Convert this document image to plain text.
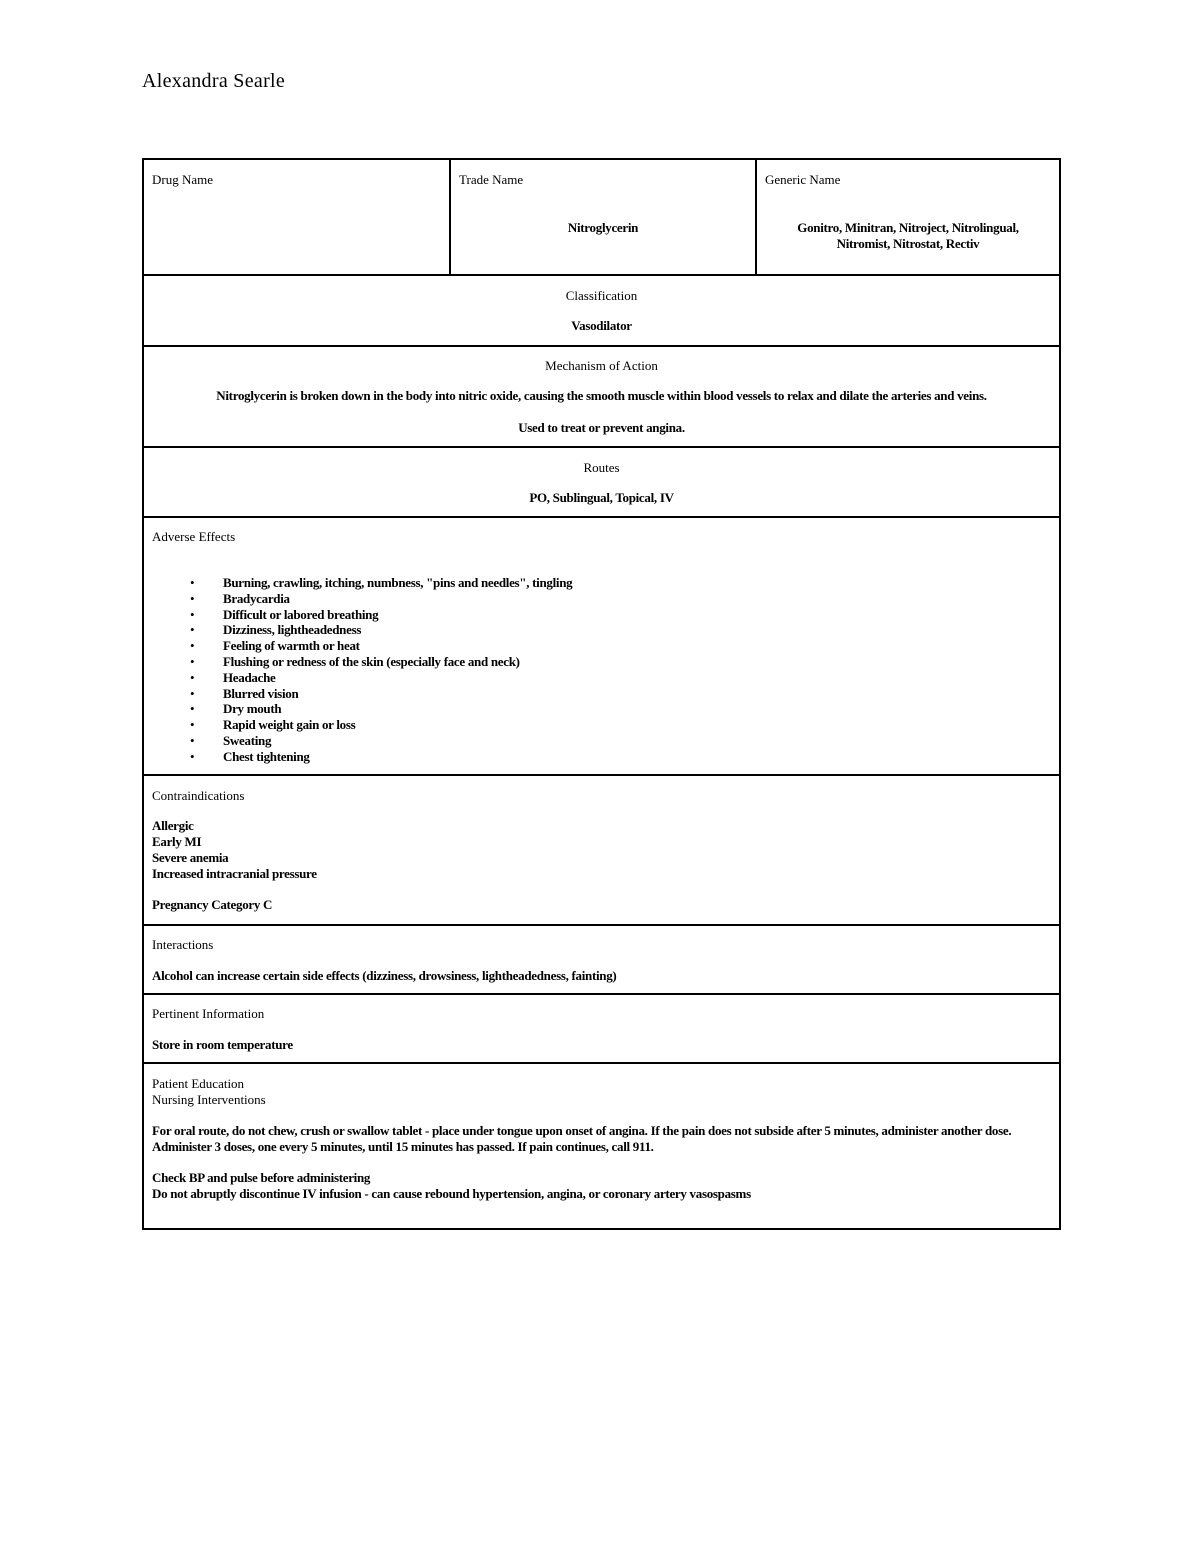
Alexandra Searle
Drug Name	Trade Name
Nitroglycerin
Generic Name
Gonitro, Minitran, Nitroject, Nitrolingual,
Nitromist, Nitrostat, Rectiv
Classification
Vasodilator
Mechanism of Action
Nitroglycerin is broken down in the body into nitric oxide, causing the smooth muscle within blood vessels to relax and dilate the arteries and veins.
Used to treat or prevent angina.
Routes
PO, Sublingual, Topical, IV
Adverse Effects
• Burning, crawling, itching, numbness, "pins and needles", tingling
• Bradycardia
• Difficult or labored breathing
• Dizziness, lightheadedness
• Feeling of warmth or heat
• Flushing or redness of the skin (especially face and neck)
• Headache
• Blurred vision
• Dry mouth
• Rapid weight gain or loss
• Sweating
• Chest tightening
Contraindications
Allergic
Early MI
Severe anemia
Increased intracranial pressure
Pregnancy Category C
Interactions
Alcohol can increase certain side effects (dizziness, drowsiness, lightheadedness, fainting)
Pertinent Information
Store in room temperature
Patient Education
Nursing Interventions
For oral route, do not chew, crush or swallow tablet - place under tongue upon onset of angina. If the pain does not subside after 5 minutes, administer another dose. Administer 3 doses, one every 5 minutes, until 15 minutes has passed. If pain continues, call 911.
Check BP and pulse before administering
Do not abruptly discontinue IV infusion - can cause rebound hypertension, angina, or coronary artery vasospasms
